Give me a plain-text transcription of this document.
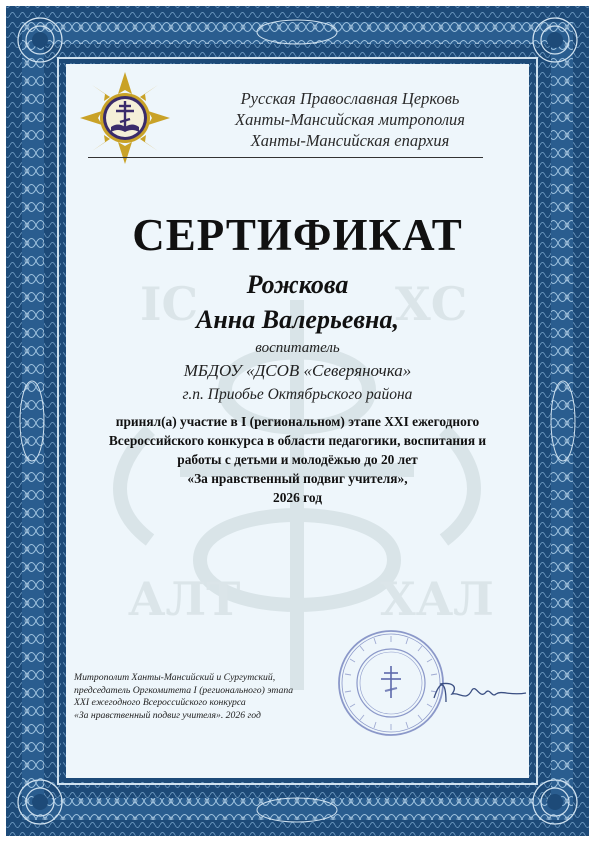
ІС	ХС
АЛТ	ХАЛ
Русская Православная Церковь
Ханты-Мансийская митрополия
Ханты-Мансийская епархия
СЕРТИФИКАТ
Рожкова
Анна Валерьевна,
воспитатель
МБДОУ «ДСОВ «Северяночка»
г.п. Приобье Октябрьского района
принял(а) участие в I (региональном) этапе XXI ежегодного
Всероссийского конкурса в области педагогики, воспитания и
работы с детьми и молодёжью до 20 лет
«За нравственный подвиг учителя»,
2026 год
Митрополит Ханты-Мансийский и Сургутский,
председатель Оргкомитета I (регионального) этапа
XXI ежегодного Всероссийского конкурса
«За нравственный подвиг учителя». 2026 год
